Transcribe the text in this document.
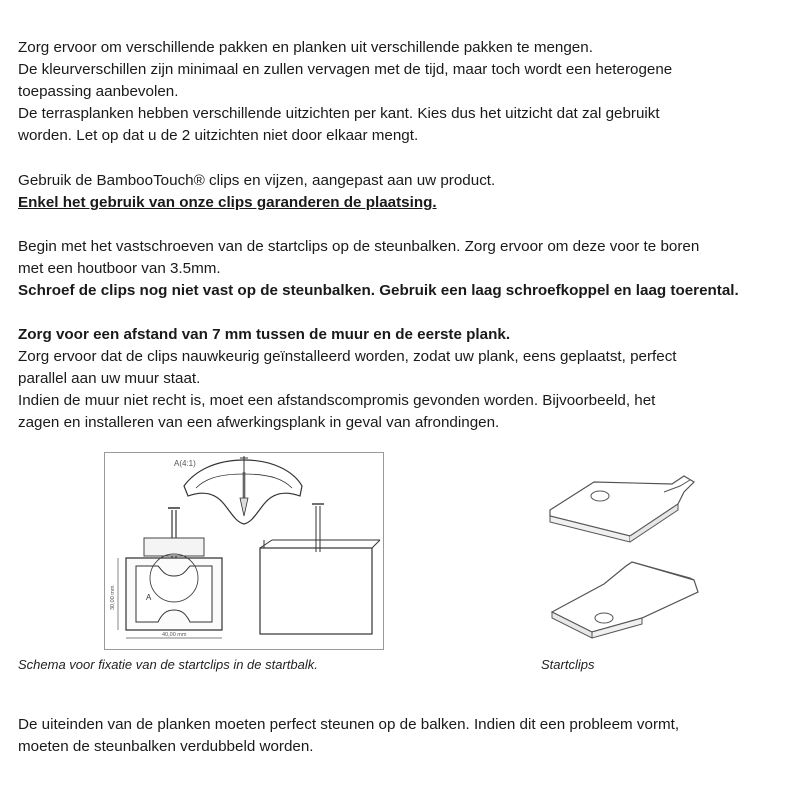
Zorg ervoor om verschillende pakken en planken uit verschillende pakken te mengen.

De kleurverschillen zijn minimaal en zullen vervagen met de tijd, maar toch wordt een heterogene

toepassing aanbevolen.

De terrasplanken hebben verschillende uitzichten per kant. Kies dus het uitzicht dat zal gebruikt

worden. Let op dat u de 2 uitzichten niet door elkaar mengt.

Gebruik de BambooTouch® clips en vijzen, aangepast aan uw product.

Enkel het gebruik van onze clips garanderen de plaatsing.

Begin met het vastschroeven van de startclips op de steunbalken. Zorg ervoor om deze voor te boren

met een houtboor van 3.5mm.

Schroef de clips nog niet vast op de steunbalken. Gebruik een laag schroefkoppel en laag toerental.

Zorg voor een afstand van 7 mm tussen de muur en de eerste plank.

Zorg ervoor dat de clips nauwkeurig geïnstalleerd worden, zodat uw plank, eens geplaatst, perfect

parallel aan uw muur staat.

Indien de muur niet recht is, moet een afstandscompromis gevonden worden. Bijvoorbeeld, het

zagen en installeren van een afwerkingsplank in geval van afrondingen.

A(4:1)
A
30,00 mm
40,00 mm

Schema voor fixatie van de startclips in de startbalk.	Startclips

De uiteinden van de planken moeten perfect steunen op de balken. Indien dit een probleem vormt,

moeten de steunbalken verdubbeld worden.
